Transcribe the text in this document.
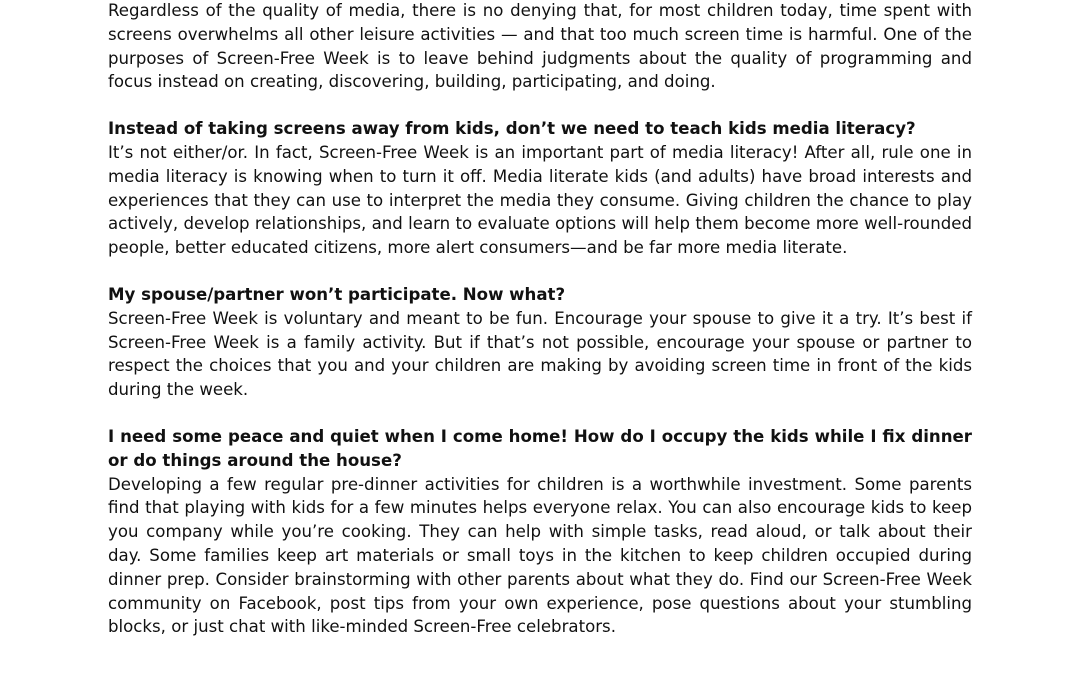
Regardless of the quality of media, there is no denying that, for most children today, time spent with screens overwhelms all other leisure activities — and that too much screen time is harmful. One of the purposes of Screen-Free Week is to leave behind judgments about the quality of programming and focus instead on creating, discovering, building, participating, and doing.

Instead of taking screens away from kids, don’t we need to teach kids media literacy?

It’s not either/or. In fact, Screen-Free Week is an important part of media literacy! After all, rule one in media literacy is knowing when to turn it off. Media literate kids (and adults) have broad interests and experiences that they can use to interpret the media they consume. Giving children the chance to play actively, develop relationships, and learn to evaluate options will help them become more well-rounded people, better educated citizens, more alert consumers—and be far more media literate.

My spouse/partner won’t participate. Now what?

Screen-Free Week is voluntary and meant to be fun. Encourage your spouse to give it a try. It’s best if Screen-Free Week is a family activity. But if that’s not possible, encourage your spouse or partner to respect the choices that you and your children are making by avoiding screen time in front of the kids during the week.

I need some peace and quiet when I come home! How do I occupy the kids while I fix dinner or do things around the house?

Developing a few regular pre-dinner activities for children is a worthwhile investment. Some parents find that playing with kids for a few minutes helps everyone relax. You can also encourage kids to keep you company while you’re cooking. They can help with simple tasks, read aloud, or talk about their day. Some families keep art materials or small toys in the kitchen to keep children occupied during dinner prep. Consider brainstorming with other parents about what they do. Find our Screen-Free Week community on Facebook, post tips from your own experience, pose questions about your stumbling blocks, or just chat with like-minded Screen-Free celebrators.
